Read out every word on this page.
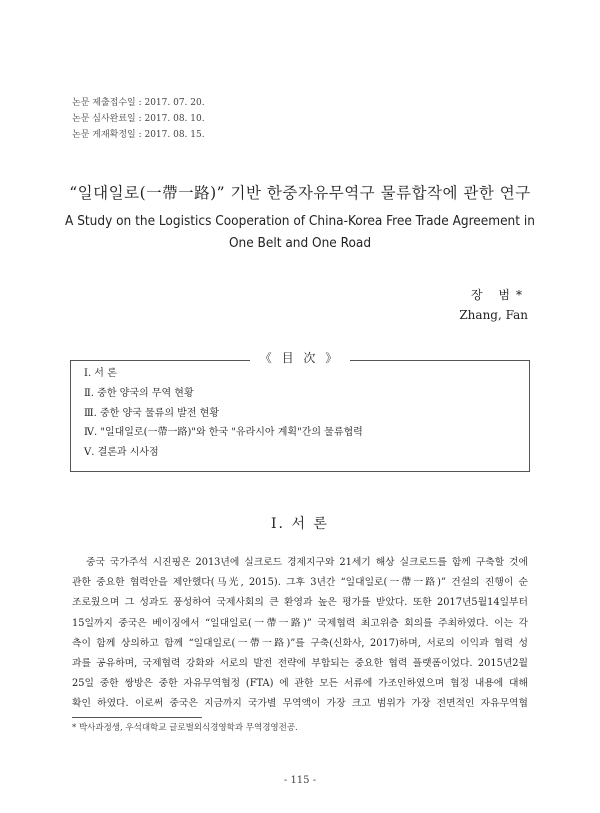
논문 제출접수일 : 2017. 07. 20.
논문 심사완료일 : 2017. 08. 10.
논문 게재확정일 : 2017. 08. 15.
“일대일로(一帶一路)” 기반 한중자유무역구 물류합작에 관한 연구
A Study on the Logistics Cooperation of China-Korea Free Trade Agreement in
One Belt and One Road
장 범*
Zhang, Fan
《 目 次 》
Ⅰ. 서 론
Ⅱ. 중한 양국의 무역 현황
Ⅲ. 중한 양국 물류의 발전 현황
Ⅳ. "일대일로(一帶一路)"와 한국 "유라시아 계획"간의 물류협력
Ⅴ. 결론과 시사점
Ⅰ. 서 론
중국 국가주석 시진핑은 2013년에 실크로드 경제지구와 21세기 해상 실크로드를 함께 구축할 것에
관한 중요한 협력안을 제안했다(马光, 2015). 그후 3년간 “일대일로(一帶一路)” 건설의 진행이 순
조로웠으며 그 성과도 풍성하여 국제사회의 큰 환영과 높은 평가를 받았다. 또한 2017년5월14일부터
15일까지 중국은 베이징에서 “일대일로(一帶一路)” 국제협력 최고위층 회의를 주최하였다. 이는 각
측이 함께 상의하고 함께 “일대일로(一帶一路)”를 구축(신화사, 2017)하며, 서로의 이익과 협력 성
과를 공유하며, 국제협력 강화와 서로의 발전 전략에 부합되는 중요한 협력 플랫폼이었다. 2015년2월
25일 중한 쌍방은 중한 자유무역협정 (FTA) 에 관한 모든 서류에 가조인하였으며 협정 내용에 대해
확인 하였다. 이로써 중국은 지금까지 국가별 무역액이 가장 크고 범위가 가장 전면적인 자유무역협
* 박사과정생, 우석대학교 글로벌외식경영학과 무역경영전공.
- 115 -
